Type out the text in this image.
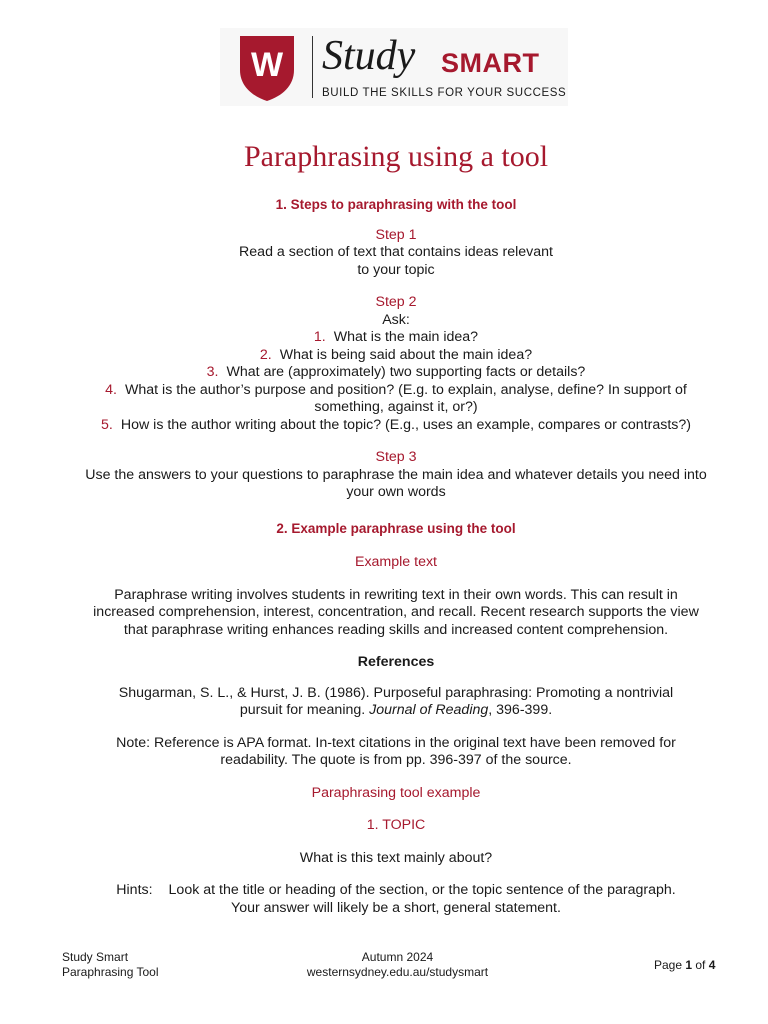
W Study SMART
BUILD THE SKILLS FOR YOUR SUCCESS
Paraphrasing using a tool
1. Steps to paraphrasing with the tool
Step 1
Read a section of text that contains ideas relevant
to your topic
Step 2
Ask:
1. What is the main idea?
2. What is being said about the main idea?
3. What are (approximately) two supporting facts or details?
4. What is the author’s purpose and position? (E.g. to explain, analyse, define? In support of
something, against it, or?)
5. How is the author writing about the topic? (E.g., uses an example, compares or contrasts?)
Step 3
Use the answers to your questions to paraphrase the main idea and whatever details you need into
your own words
2. Example paraphrase using the tool
Example text
Paraphrase writing involves students in rewriting text in their own words. This can result in
increased comprehension, interest, concentration, and recall. Recent research supports the view
that paraphrase writing enhances reading skills and increased content comprehension.
References
Shugarman, S. L., & Hurst, J. B. (1986). Purposeful paraphrasing: Promoting a nontrivial
pursuit for meaning. Journal of Reading, 396-399.
Note: Reference is APA format. In-text citations in the original text have been removed for
readability. The quote is from pp. 396-397 of the source.
Paraphrasing tool example
1. TOPIC
What is this text mainly about?
Hints: Look at the title or heading of the section, or the topic sentence of the paragraph.
Your answer will likely be a short, general statement.
Study Smart
Paraphrasing Tool
Autumn 2024
westernsydney.edu.au/studysmart	Page 1 of 4
